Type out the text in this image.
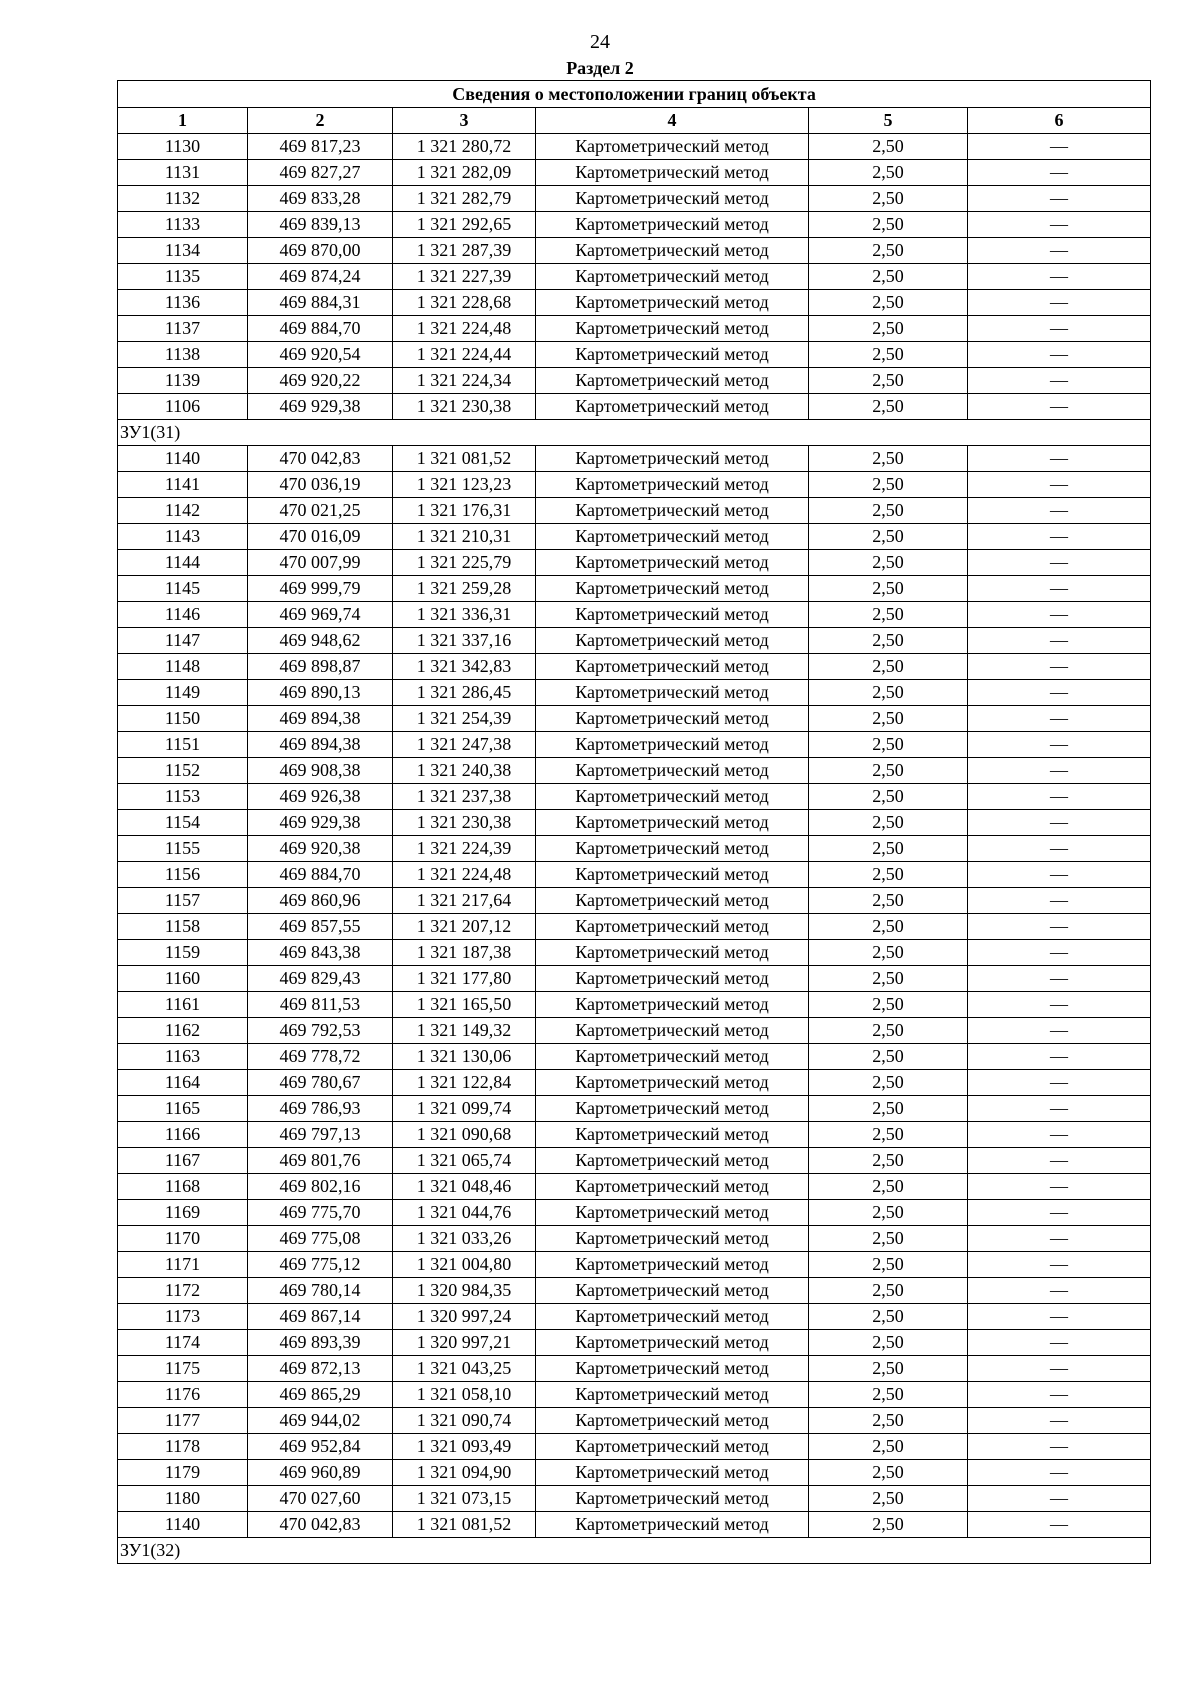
24
Раздел 2
Сведения о местоположении границ объекта					
1	2	3	4	5	6
1130	469 817,23	1 321 280,72	Картометрический метод	2,50	—
1131	469 827,27	1 321 282,09	Картометрический метод	2,50	—
1132	469 833,28	1 321 282,79	Картометрический метод	2,50	—
1133	469 839,13	1 321 292,65	Картометрический метод	2,50	—
1134	469 870,00	1 321 287,39	Картометрический метод	2,50	—
1135	469 874,24	1 321 227,39	Картометрический метод	2,50	—
1136	469 884,31	1 321 228,68	Картометрический метод	2,50	—
1137	469 884,70	1 321 224,48	Картометрический метод	2,50	—
1138	469 920,54	1 321 224,44	Картометрический метод	2,50	—
1139	469 920,22	1 321 224,34	Картометрический метод	2,50	—
1106	469 929,38	1 321 230,38	Картометрический метод	2,50	—
ЗУ1(31)					
1140	470 042,83	1 321 081,52	Картометрический метод	2,50	—
1141	470 036,19	1 321 123,23	Картометрический метод	2,50	—
1142	470 021,25	1 321 176,31	Картометрический метод	2,50	—
1143	470 016,09	1 321 210,31	Картометрический метод	2,50	—
1144	470 007,99	1 321 225,79	Картометрический метод	2,50	—
1145	469 999,79	1 321 259,28	Картометрический метод	2,50	—
1146	469 969,74	1 321 336,31	Картометрический метод	2,50	—
1147	469 948,62	1 321 337,16	Картометрический метод	2,50	—
1148	469 898,87	1 321 342,83	Картометрический метод	2,50	—
1149	469 890,13	1 321 286,45	Картометрический метод	2,50	—
1150	469 894,38	1 321 254,39	Картометрический метод	2,50	—
1151	469 894,38	1 321 247,38	Картометрический метод	2,50	—
1152	469 908,38	1 321 240,38	Картометрический метод	2,50	—
1153	469 926,38	1 321 237,38	Картометрический метод	2,50	—
1154	469 929,38	1 321 230,38	Картометрический метод	2,50	—
1155	469 920,38	1 321 224,39	Картометрический метод	2,50	—
1156	469 884,70	1 321 224,48	Картометрический метод	2,50	—
1157	469 860,96	1 321 217,64	Картометрический метод	2,50	—
1158	469 857,55	1 321 207,12	Картометрический метод	2,50	—
1159	469 843,38	1 321 187,38	Картометрический метод	2,50	—
1160	469 829,43	1 321 177,80	Картометрический метод	2,50	—
1161	469 811,53	1 321 165,50	Картометрический метод	2,50	—
1162	469 792,53	1 321 149,32	Картометрический метод	2,50	—
1163	469 778,72	1 321 130,06	Картометрический метод	2,50	—
1164	469 780,67	1 321 122,84	Картометрический метод	2,50	—
1165	469 786,93	1 321 099,74	Картометрический метод	2,50	—
1166	469 797,13	1 321 090,68	Картометрический метод	2,50	—
1167	469 801,76	1 321 065,74	Картометрический метод	2,50	—
1168	469 802,16	1 321 048,46	Картометрический метод	2,50	—
1169	469 775,70	1 321 044,76	Картометрический метод	2,50	—
1170	469 775,08	1 321 033,26	Картометрический метод	2,50	—
1171	469 775,12	1 321 004,80	Картометрический метод	2,50	—
1172	469 780,14	1 320 984,35	Картометрический метод	2,50	—
1173	469 867,14	1 320 997,24	Картометрический метод	2,50	—
1174	469 893,39	1 320 997,21	Картометрический метод	2,50	—
1175	469 872,13	1 321 043,25	Картометрический метод	2,50	—
1176	469 865,29	1 321 058,10	Картометрический метод	2,50	—
1177	469 944,02	1 321 090,74	Картометрический метод	2,50	—
1178	469 952,84	1 321 093,49	Картометрический метод	2,50	—
1179	469 960,89	1 321 094,90	Картометрический метод	2,50	—
1180	470 027,60	1 321 073,15	Картометрический метод	2,50	—
1140	470 042,83	1 321 081,52	Картометрический метод	2,50	—
ЗУ1(32)					
